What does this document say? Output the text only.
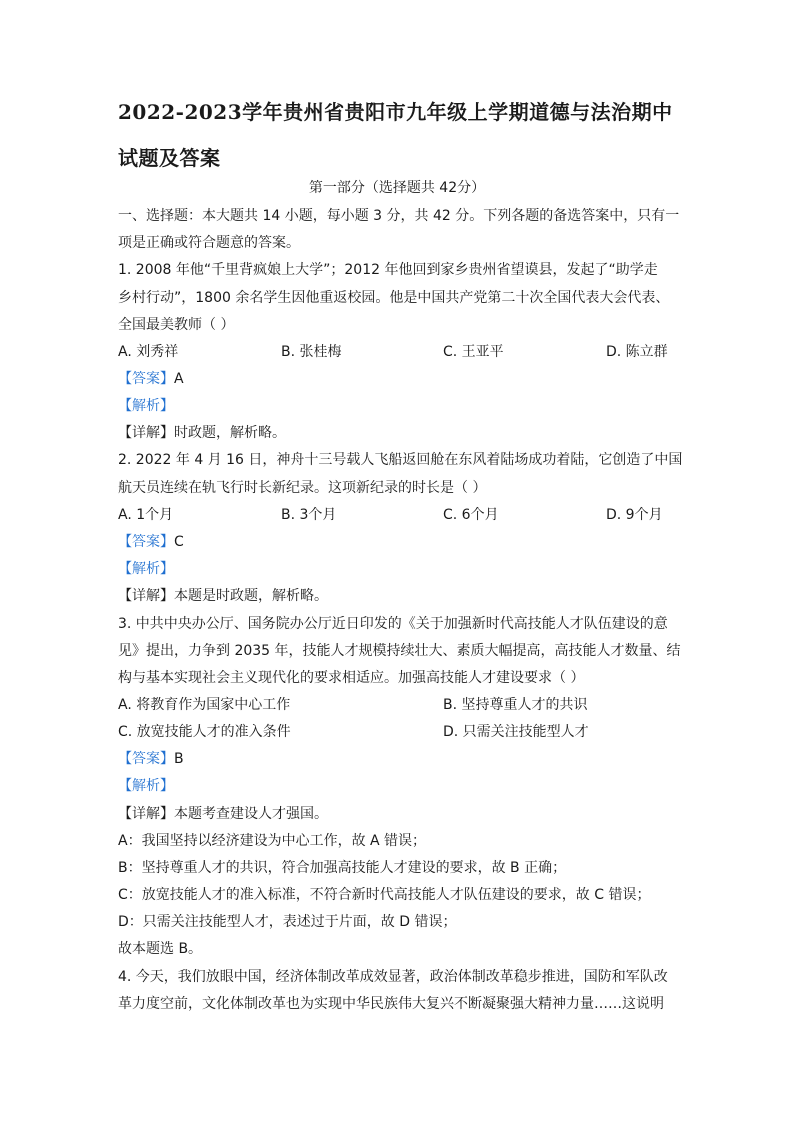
2022-2023学年贵州省贵阳市九年级上学期道德与法治期中
试题及答案
第一部分（选择题共 42分）
一、选择题：本大题共 14 小题，每小题 3 分，共 42 分。下列各题的备选答案中，只有一
项是正确或符合题意的答案。
1. 2008 年他“千里背疯娘上大学”；2012 年他回到家乡贵州省望谟县，发起了“助学走
乡村行动”，1800 余名学生因他重返校园。他是中国共产党第二十次全国代表大会代表、
全国最美教师（ ）
A. 刘秀祥	B. 张桂梅	C. 王亚平	D. 陈立群
【答案】A
【解析】
【详解】时政题，解析略。
2. 2022 年 4 月 16 日，神舟十三号载人飞船返回舱在东风着陆场成功着陆，它创造了中国
航天员连续在轨飞行时长新纪录。这项新纪录的时长是（ ）
A. 1个月	B. 3个月	C. 6个月	D. 9个月
【答案】C
【解析】
【详解】本题是时政题，解析略。
3. 中共中央办公厅、国务院办公厅近日印发的《关于加强新时代高技能人才队伍建设的意
见》提出，力争到 2035 年，技能人才规模持续壮大、素质大幅提高，高技能人才数量、结
构与基本实现社会主义现代化的要求相适应。加强高技能人才建设要求（ ）
A. 将教育作为国家中心工作	B. 坚持尊重人才的共识
C. 放宽技能人才的准入条件	D. 只需关注技能型人才
【答案】B
【解析】
【详解】本题考查建设人才强国。
A：我国坚持以经济建设为中心工作，故 A 错误；
B：坚持尊重人才的共识，符合加强高技能人才建设的要求，故 B 正确；
C：放宽技能人才的准入标准，不符合新时代高技能人才队伍建设的要求，故 C 错误；
D：只需关注技能型人才，表述过于片面，故 D 错误；
故本题选 B。
4. 今天，我们放眼中国，经济体制改革成效显著，政治体制改革稳步推进，国防和军队改
革力度空前，文化体制改革也为实现中华民族伟大复兴不断凝聚强大精神力量……这说明
